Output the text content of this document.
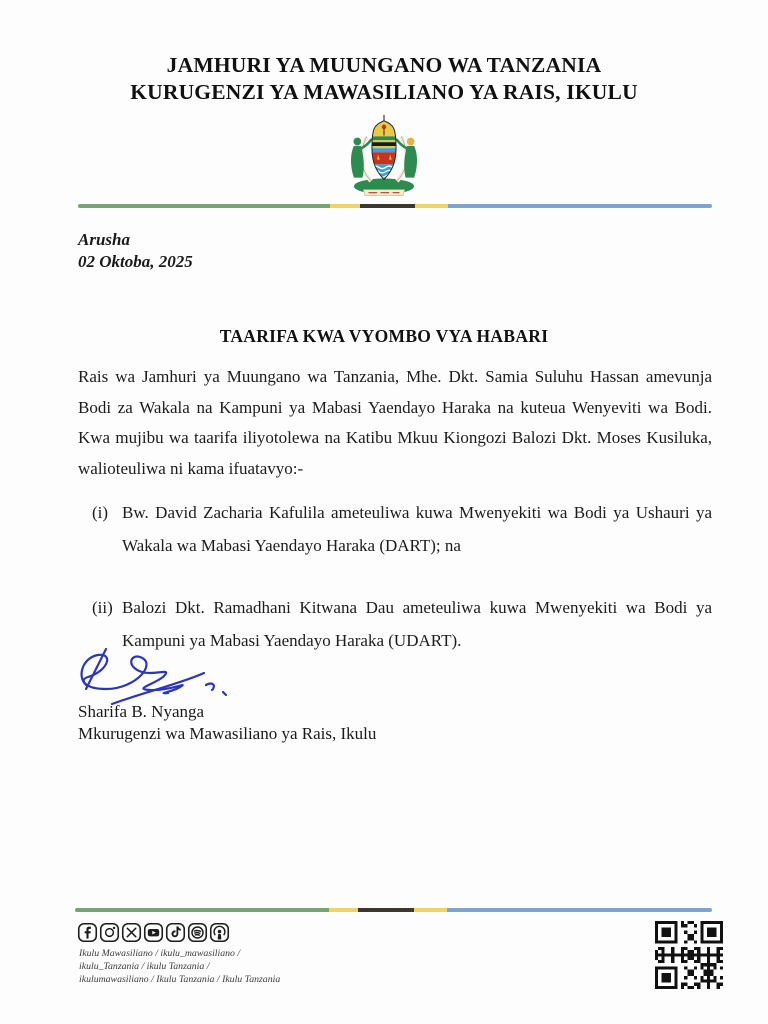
JAMHURI YA MUUNGANO WA TANZANIA
KURUGENZI YA MAWASILIANO YA RAIS, IKULU
Arusha
02 Oktoba, 2025
TAARIFA KWA VYOMBO VYA HABARI
Rais wa Jamhuri ya Muungano wa Tanzania, Mhe. Dkt. Samia Suluhu Hassan amevunja Bodi za Wakala na Kampuni ya Mabasi Yaendayo Haraka na kuteua Wenyeviti wa Bodi. Kwa mujibu wa taarifa iliyotolewa na Katibu Mkuu Kiongozi Balozi Dkt. Moses Kusiluka, walioteuliwa ni kama ifuatavyo:-
(i) Bw. David Zacharia Kafulila ameteuliwa kuwa Mwenyekiti wa Bodi ya Ushauri ya Wakala wa Mabasi Yaendayo Haraka (DART); na
(ii) Balozi Dkt. Ramadhani Kitwana Dau ameteuliwa kuwa Mwenyekiti wa Bodi ya Kampuni ya Mabasi Yaendayo Haraka (UDART).
Sharifa B. Nyanga
Mkurugenzi wa Mawasiliano ya Rais, Ikulu
Ikulu Mawasiliano / ikulu_mawasiliano /
ikulu_Tanzania / ikulu Tanzania /
ikulumawasiliano / Ikulu Tanzania / Ikulu Tanzania
